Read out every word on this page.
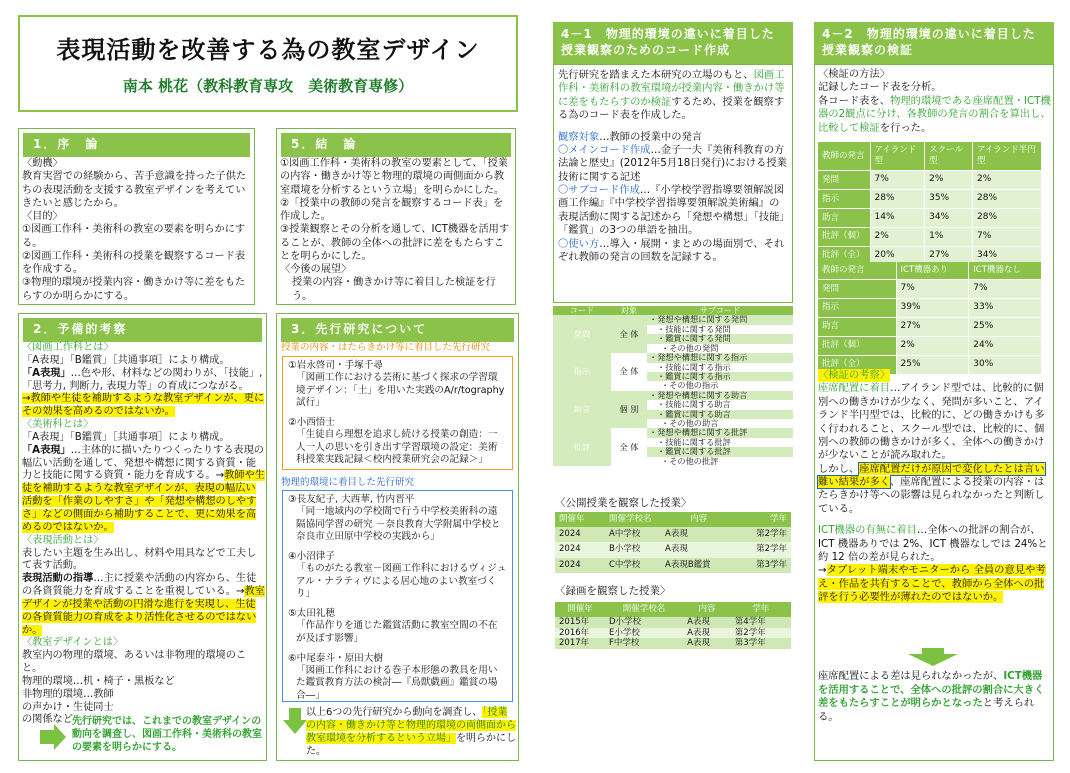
表現活動を改善する為の教室デザイン
南本 桃花（教科教育専攻　美術教育専修）
1．序　論

〈動機〉

教育実習での経験から、苦手意識を持った子供たちの表現活動を支援する教室デザインを考えていきたいと感じたから。

〈目的〉

①図画工作科・美術科の教室の要素を明らかにする。

②図画工作科・美術科の授業を観察するコード表を作成する。

③物理的環境が授業内容・働きかけ等に差をもたらすのか明らかにする。

5．結　論

①図画工作科・美術科の教室の要素として、「授業の内容・働きかけ等と物理的環境の両側面から教室環境を分析するという立場」を明らかにした。

②「授業中の教師の発言を観察するコード表」を作成した。

③授業観察とその分析を通して、ICT機器を活用することが、教師の全体への批評に差をもたらすことを明らかにした。

〈今後の展望〉

授業の内容・働きかけ等に着目した検証を行う。

2．予備的考察

〈図画工作科とは〉

「A表現」「B鑑賞」［共通事項］により構成。

「A表現」…色や形、材料などの関わりが、「技能」,「思考力, 判断力, 表現力等」の育成につながる。

→教師や生徒を補助するような教室デザインが、更にその効果を高めるのではないか。

〈美術科とは〉

「A表現」「B鑑賞」［共通事項］により構成。

「A表現」…主体的に描いたりつくったりする表現の幅広い活動を通して、発想や構想に関する資質・能力と技能に関する資質・能力を育成する。→教師や生徒を補助するような教室デザインが、表現の幅広い活動を「作業のしやすさ」や「発想や構想のしやすさ」などの側面から補助することで、更に効果を高めるのではないか。

〈表現活動とは〉

表したい主題を生み出し、材料や用具などで工夫して表す活動。

表現活動の指導…主に授業や活動の内容から、生徒の各資質能力を育成することを重視している。→教室デザインが授業や活動の円滑な進行を実現し、生徒の各資質能力の育成をより活性化させるのではないか。

〈教室デザインとは〉

教室内の物理的環境、あるいは非物理的環境のこと。

物理的環境…机・椅子・黒板など

非物理的環境…教師の声かけ・生徒同士の関係など 先行研究では、これまでの教室デザインの動向を調査し、図画工作科・美術科の教室の要素を明らかにする。
3．先行研究について
授業の内容・はたらきかけ等に着目した先行研究

①岩永啓司・手塚千尋

「図画工作における芸術に基づく探求の学習環境デザイン：「土」を用いた実践のA/r/tography 試行」

②小西悟士

「生徒自ら理想を追求し続ける授業の創造：一人一人の思いを引き出す学習環境の設定：美術科授業実践記録＜校内授業研究会の記録＞」

物理的環境に着目した先行研究

③長友紀子, 大西華, 竹内晋平

「同一地域内の学校間で行う中学校美術科の遠隔協同学習の研究 －奈良教育大学附属中学校と奈良市立田原中学校の実践から」

④小沼律子

「ものがたる教室－図画工作科におけるヴィジュアル・ナラティヴによる居心地のよい教室づくり」

⑤太田礼穂

「作品作りを通じた鑑賞活動に教室空間の不在が及ぼす影響」

⑥中尾泰斗・原田大樹

「図画工作科における巻子本形態の教具を用いた鑑賞教育方法の検討―『鳥獣戯画』鑑賞の場合―」

以上6つの先行研究から動向を調査し、「授業の内容・働きかけ等と物理的環境の両側面から教室環境を分析するという立場」を明らかにした。
4－1　物理的環境の違いに着目した授業観察のためのコード作成

先行研究を踏まえた本研究の立場のもと、図画工作科・美術科の教室環境が授業内容・働きかけ等に差をもたらすのか検証するため、授業を観察する為のコード表を作成した。

観察対象…教師の授業中の発言

〇メインコード作成…金子一夫『美術科教育の方法論と歴史』(2012年5月18日発行)における授業技術に関する記述

〇サブコード作成…『小学校学習指導要領解説図画工作編』『中学校学習指導要領解説美術編』の 表現活動に関する記述から「発想や構想」「技能」「鑑賞」の3つの単語を抽出。

〇使い方…導入・展開・まとめの場面別で、それぞれ教師の発言の回数を記録する。

コード	対象	サブコード
発問	全 体	・発想や構想に関する発問
		・技能に関する発問
		・鑑賞に関する発問
		・その他の発問
指示	全 体	・発想や構想に関する指示
		・技能に関する指示
		・鑑賞に関する指示
		・その他の指示
助言	個 別	・発想や構想に関する助言
		・技能に関する助言
		・鑑賞に関する助言
		・その他の助言
批評	全 体	・発想や構想に関する批評
		・技能に関する批評
		・鑑賞に関する批評
		・その他の批評
〈公開授業を観察した授業〉
開催年	開催学校名	内容	学年
2024	A中学校	A表現	第2学年
2024	B小学校	A表現	第2学年
2024	C中学校	A表現B鑑賞	第3学年
〈録画を観察した授業〉
開催年	開催学校名	内容	学年
2015年	D小学校	A表現	第4学年
2016年	E小学校	A表現	第2学年
2017年	F中学校	A表現	第3学年
4－2　物理的環境の違いに着目した授業観察の検証

〈検証の方法〉

記録したコード表を分析。

各コード表を、物理的環境である座席配置・ICT機器の2観点に分け、各教師の発言の割合を算出し、比較して検証を行った。

教師の発言	アイランド型	スクール型	アイランド半円型
発問	7%	2%	2%
指示	28%	35%	28%
助言	14%	34%	28%
批評（個）	2%	1%	7%
批評（全）	20%	27%	34%
教師の発言	ICT機器あり	ICT機器なし
発問	7%	7%
指示	39%	33%
助言	27%	25%
批評（個）	2%	24%
批評（全）	25%	30%

〈検証の考察〉

座席配置に着目…アイランド型では、比較的に個別への働きかけが少なく、発問が多いこと、アイランド半円型では、比較的に、どの働きかけも多く行われること、スクール型では、比較的に、個別への教師の働きかけが多く、全体への働きかけが少ないことが読み取れた。

しかし、座席配置だけが原因で変化したとは言い難い結果が多く、座席配置による授業の内容・はたらきかけ等への影響は見られなかったと判断している。

ICT機器の有無に着目…全体への批評の割合が、ICT 機器ありでは 2%、ICT 機器なしでは 24%と約 12 倍の差が見られた。

→タブレット端末やモニターから 全員の意見や考え・作品を共有することで、教師から全体への批評を行う必要性が薄れたのではないか。

座席配置による差は見られなかったが、ICT機器を活用することで、全体への批評の割合に大きく差をもたらすことが明らかとなったと考えられる。
